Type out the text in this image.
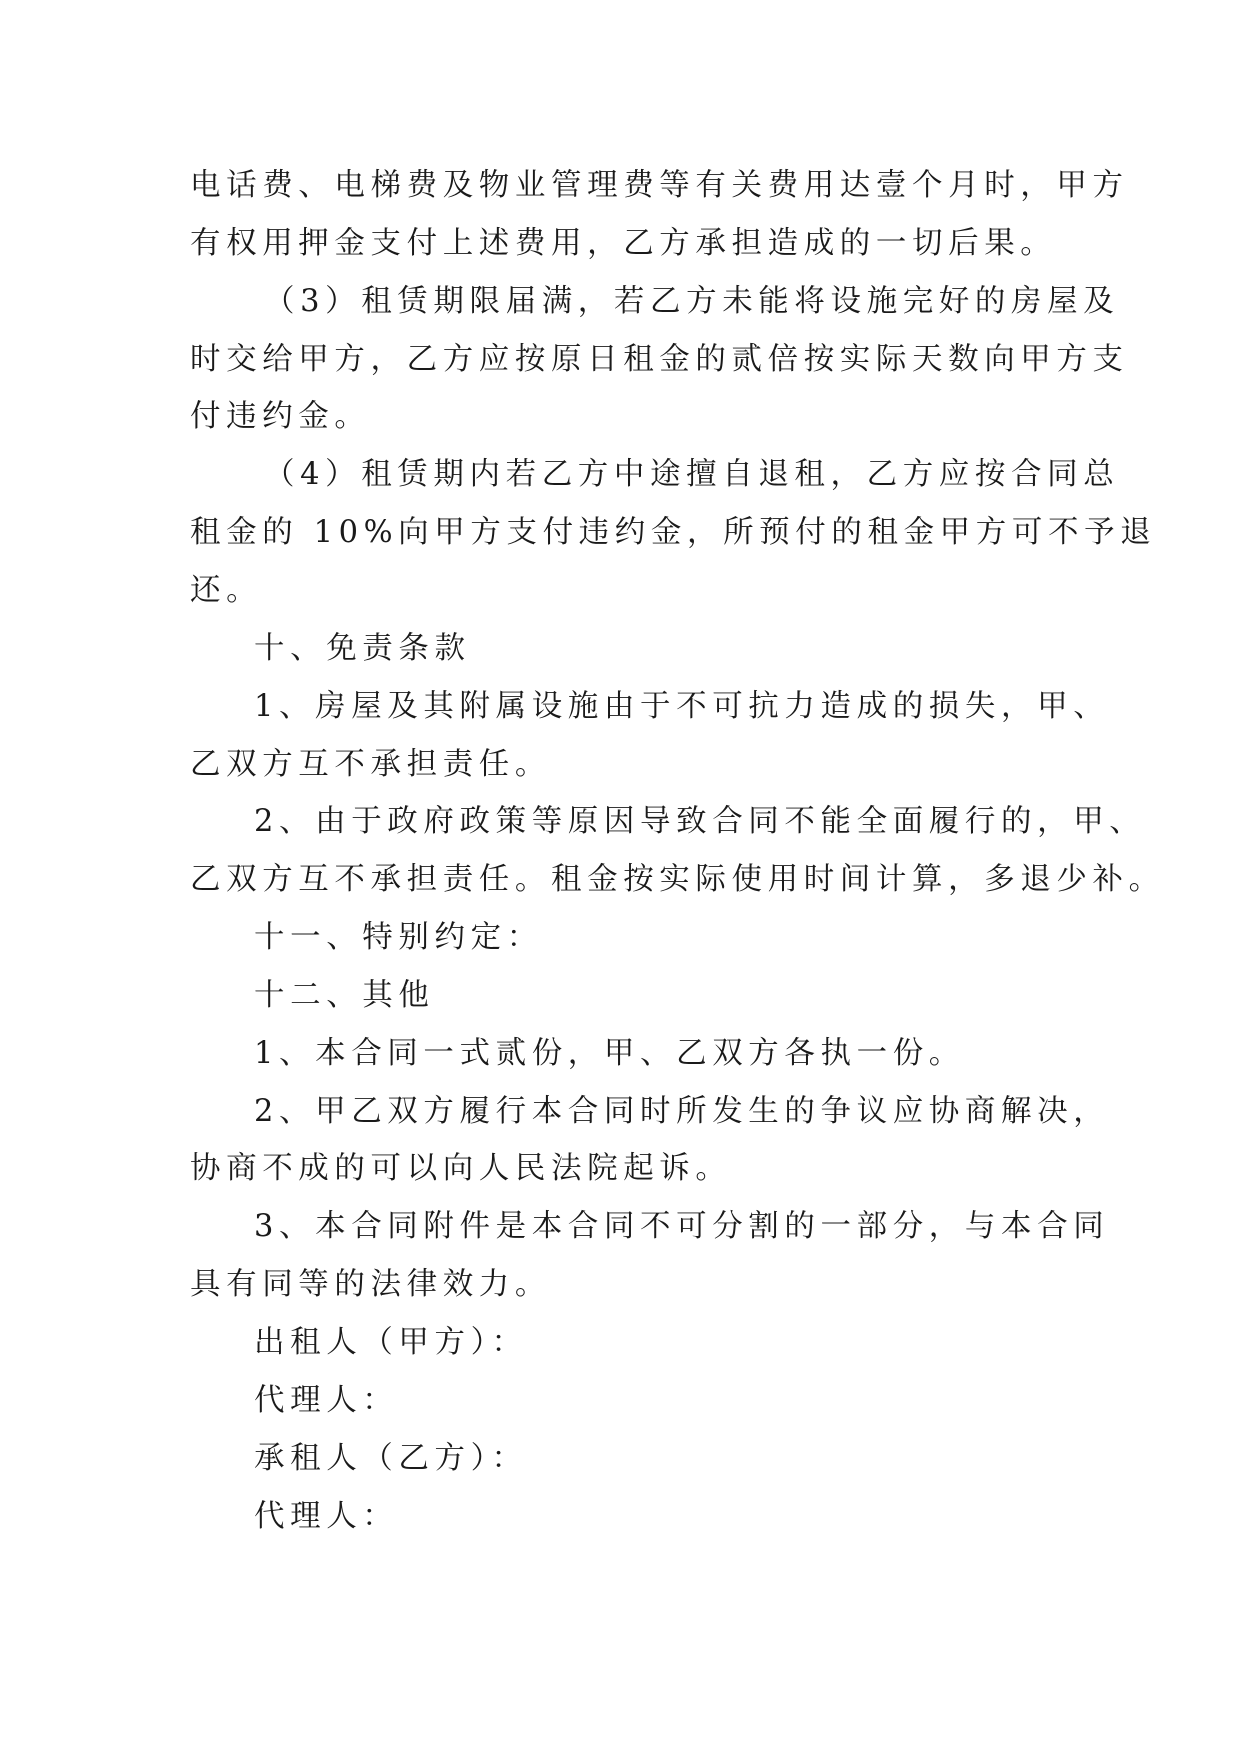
电话费、电梯费及物业管理费等有关费用达壹个月时，甲方
有权用押金支付上述费用，乙方承担造成的一切后果。
（3）租赁期限届满，若乙方未能将设施完好的房屋及
时交给甲方，乙方应按原日租金的贰倍按实际天数向甲方支
付违约金。
（4）租赁期内若乙方中途擅自退租，乙方应按合同总
租金的 10%向甲方支付违约金，所预付的租金甲方可不予退
还。
十、免责条款
1、房屋及其附属设施由于不可抗力造成的损失，甲、
乙双方互不承担责任。
2、由于政府政策等原因导致合同不能全面履行的，甲、
乙双方互不承担责任。租金按实际使用时间计算，多退少补。
十一、特别约定：
十二、其他
1、本合同一式贰份，甲、乙双方各执一份。
2、甲乙双方履行本合同时所发生的争议应协商解决，
协商不成的可以向人民法院起诉。
3、本合同附件是本合同不可分割的一部分，与本合同
具有同等的法律效力。
出租人（甲方）：
代理人：
承租人（乙方）：
代理人：
